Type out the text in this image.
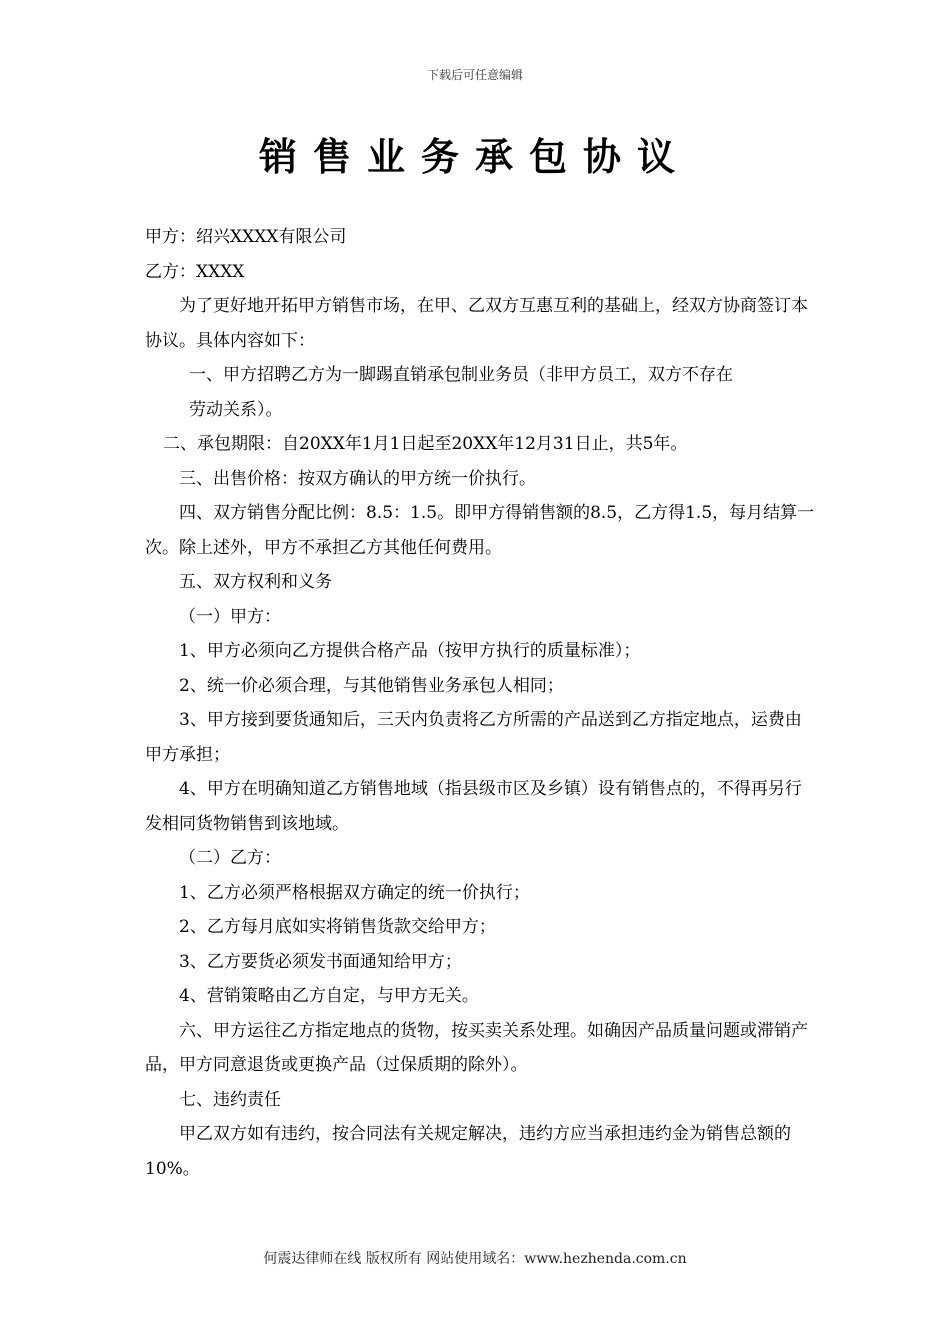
下载后可任意编辑
销售业务承包协议

甲方：绍兴XXXX有限公司

乙方：XXXX

为了更好地开拓甲方销售市场，在甲、乙双方互惠互利的基础上，经双方协商签订本协议。具体内容如下：

一、甲方招聘乙方为一脚踢直销承包制业务员（非甲方员工，双方不存在

劳动关系）。

二、承包期限：自20XX年1月1日起至20XX年12月31日止，共5年。

三、出售价格：按双方确认的甲方统一价执行。

四、双方销售分配比例：8.5：1.5。即甲方得销售额的8.5，乙方得1.5，每月结算一次。除上述外，甲方不承担乙方其他任何费用。

五、双方权利和义务

（一）甲方：

1、甲方必须向乙方提供合格产品（按甲方执行的质量标准）；

2、统一价必须合理，与其他销售业务承包人相同；

3、甲方接到要货通知后，三天内负责将乙方所需的产品送到乙方指定地点，运费由甲方承担；

4、甲方在明确知道乙方销售地域（指县级市区及乡镇）设有销售点的，不得再另行发相同货物销售到该地域。

（二）乙方：

1、乙方必须严格根据双方确定的统一价执行；

2、乙方每月底如实将销售货款交给甲方；

3、乙方要货必须发书面通知给甲方；

4、营销策略由乙方自定，与甲方无关。

六、甲方运往乙方指定地点的货物，按买卖关系处理。如确因产品质量问题或滞销产品，甲方同意退货或更换产品（过保质期的除外）。

七、违约责任

甲乙双方如有违约，按合同法有关规定解决，违约方应当承担违约金为销售总额的10%。

何震达律师在线 版权所有 网站使用域名：www.hezhenda.com.cn
